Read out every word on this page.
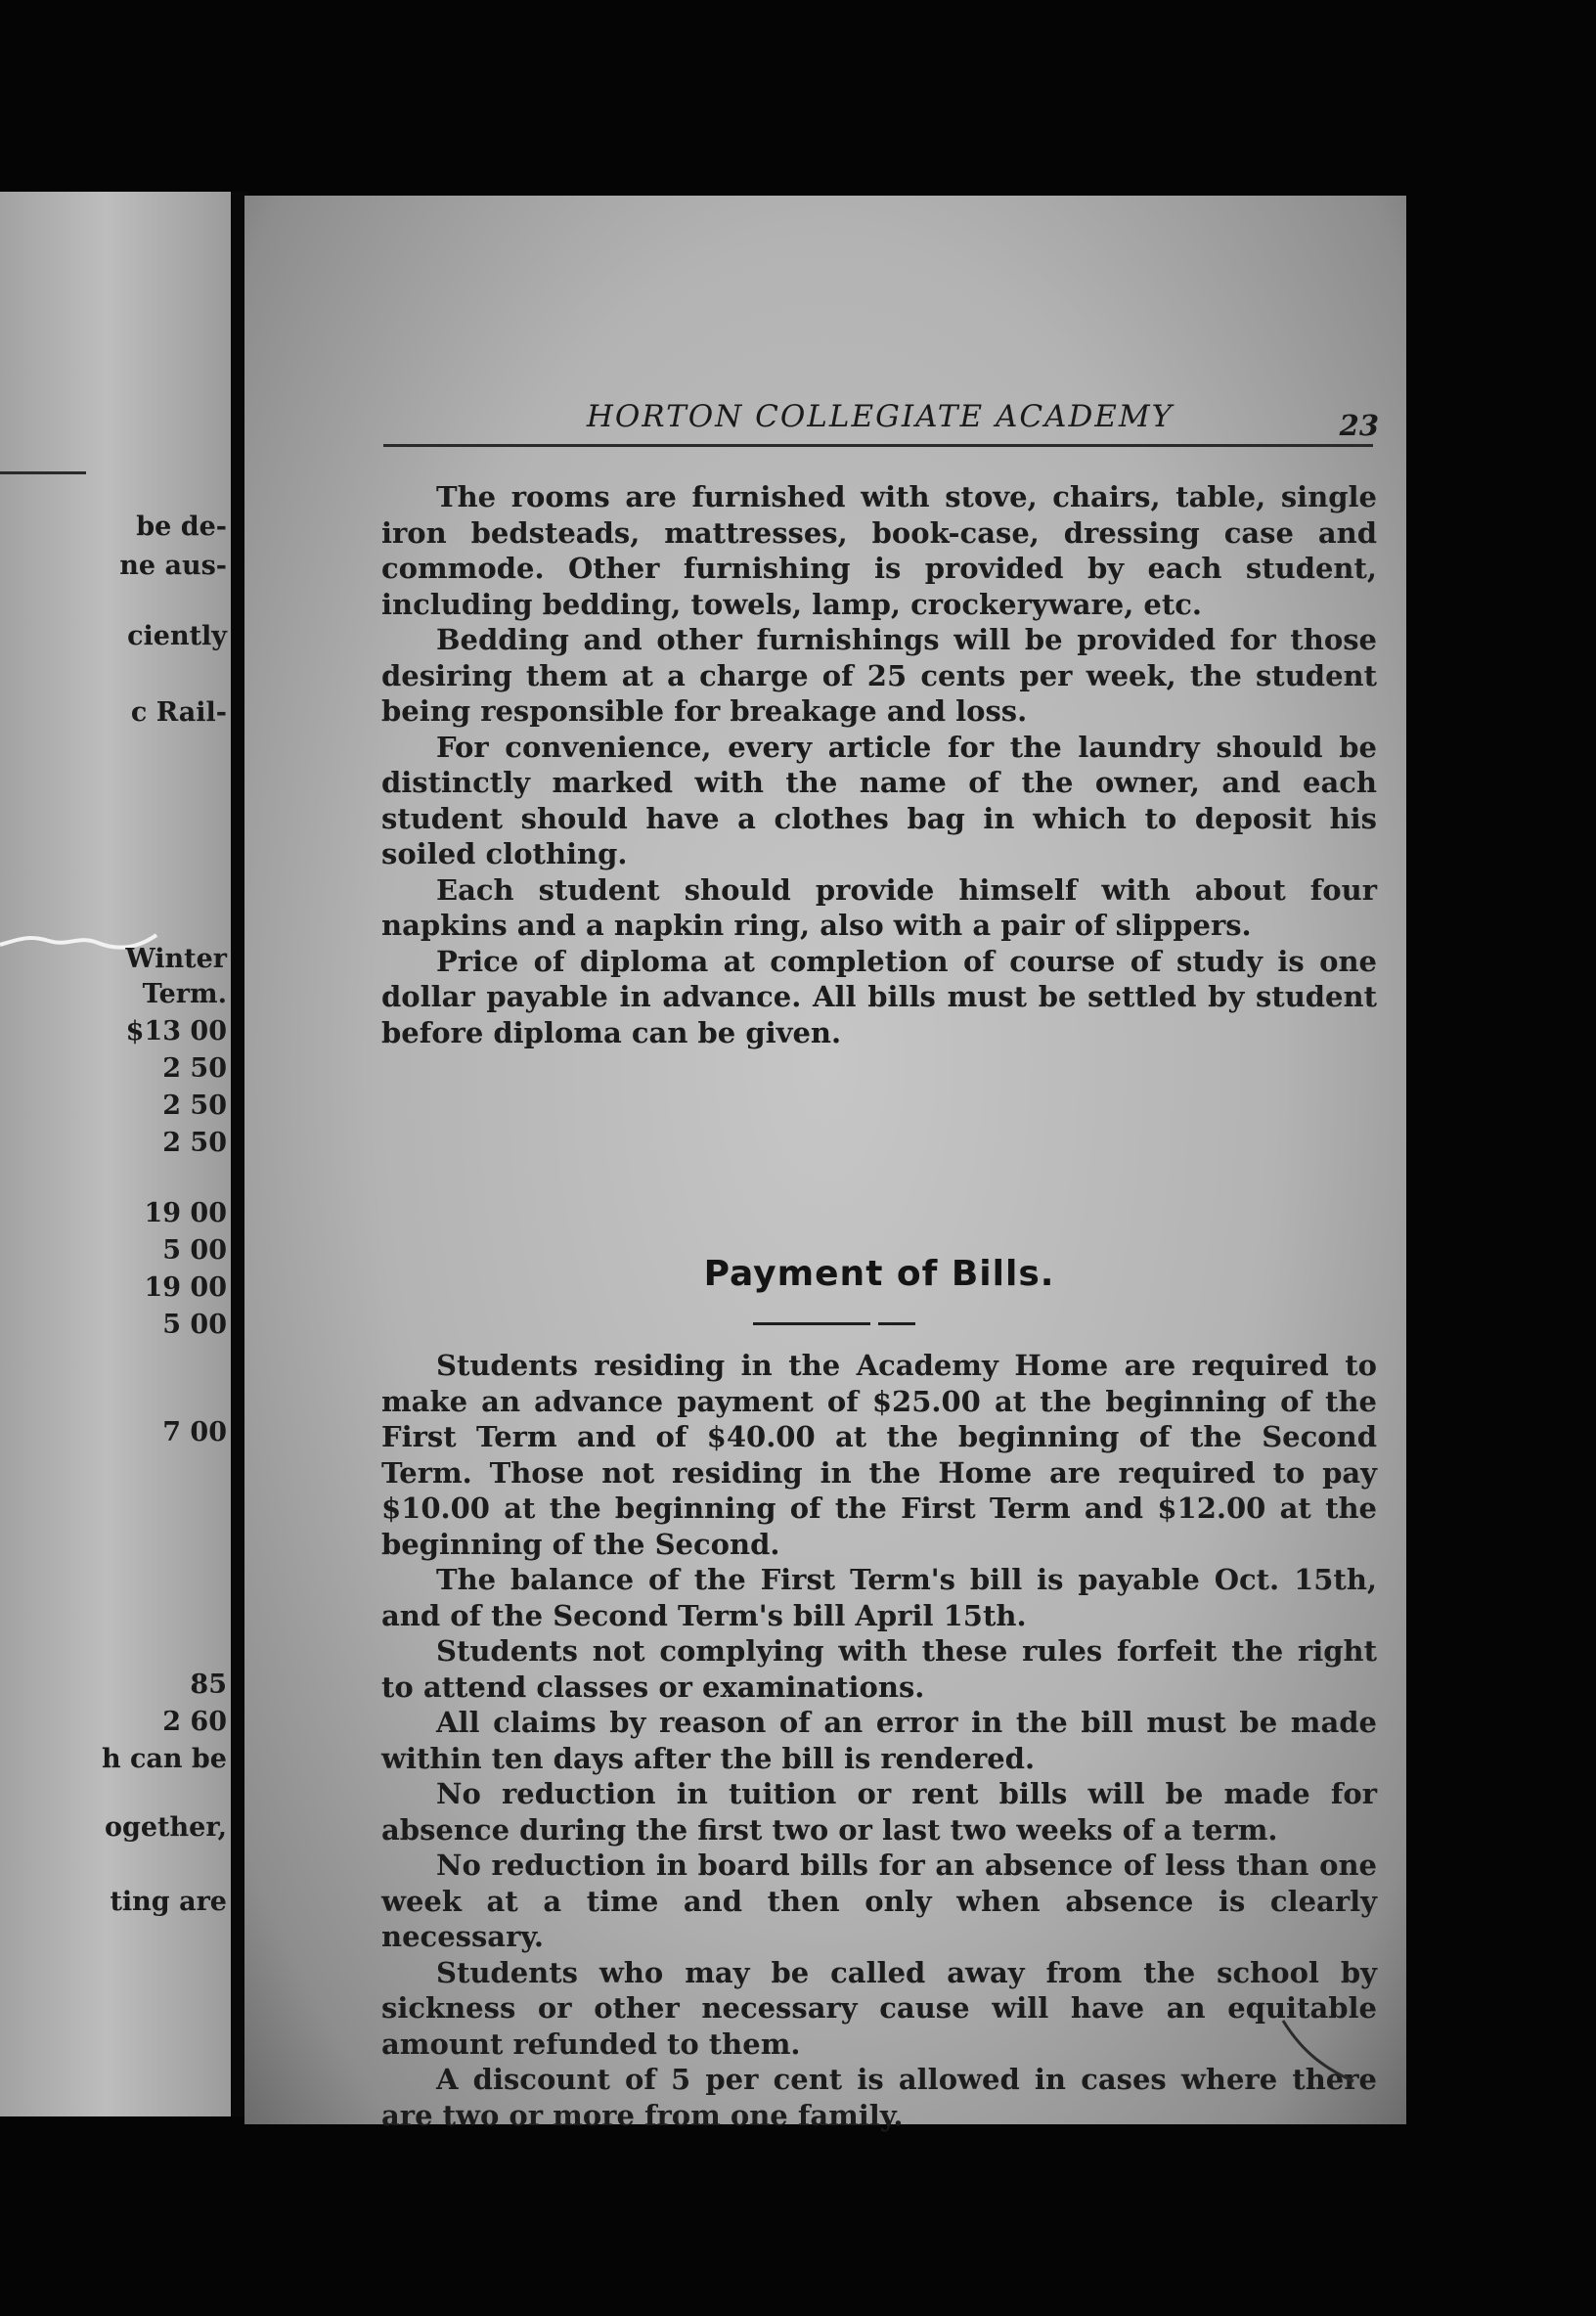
be de-
ne aus-
ciently
c Rail-
Winter
Term.
$13 00
2 50
2 50
2 50
19 00
5 00
19 00
5 00
7 00
85
2 60
h can be
ogether,
ting are
HORTON COLLEGIATE ACADEMY	23

The rooms are furnished with stove, chairs, table, single iron bedsteads, mattresses, book-case, dressing case and commode. Other furnishing is provided by each student, including bedding, towels, lamp, crockeryware, etc.

Bedding and other furnishings will be provided for those desiring them at a charge of 25 cents per week, the student being responsible for breakage and loss.

For convenience, every article for the laundry should be distinctly marked with the name of the owner, and each student should have a clothes bag in which to deposit his soiled clothing.

Each student should provide himself with about four napkins and a napkin ring, also with a pair of slippers.

Price of diploma at completion of course of study is one dollar payable in advance. All bills must be settled by student before diploma can be given.

Payment of Bills.

Students residing in the Academy Home are required to make an advance payment of $25.00 at the beginning of the First Term and of $40.00 at the beginning of the Second Term. Those not residing in the Home are required to pay $10.00 at the beginning of the First Term and $12.00 at the beginning of the Second.

The balance of the First Term's bill is payable Oct. 15th, and of the Second Term's bill April 15th.

Students not complying with these rules forfeit the right to attend classes or examinations.

All claims by reason of an error in the bill must be made within ten days after the bill is rendered.

No reduction in tuition or rent bills will be made for absence during the first two or last two weeks of a term.

No reduction in board bills for an absence of less than one week at a time and then only when absence is clearly necessary.

Students who may be called away from the school by sickness or other necessary cause will have an equitable amount refunded to them.

A discount of 5 per cent is allowed in cases where there are two or more from one family.
